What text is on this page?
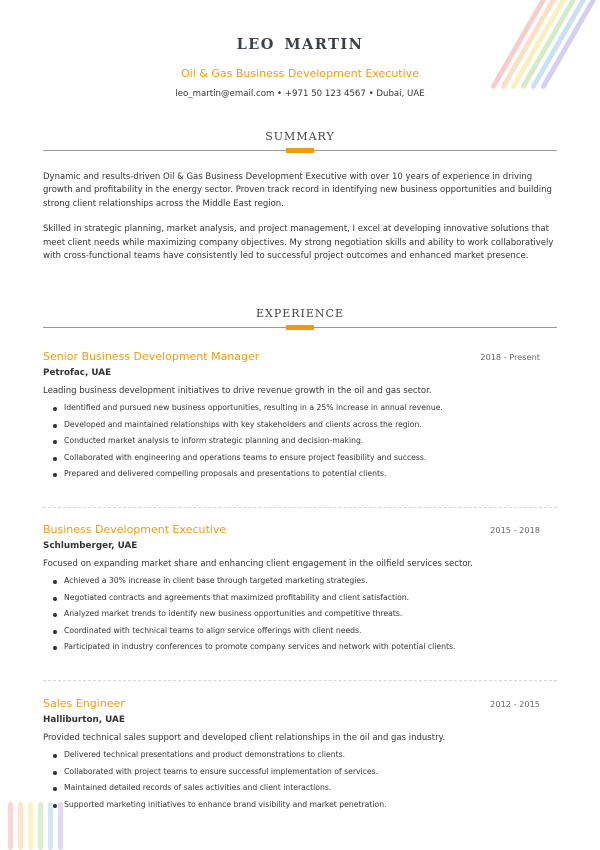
LEO MARTIN
Oil & Gas Business Development Executive
leo_martin@email.com • +971 50 123 4567 • Dubai, UAE
SUMMARY

Dynamic and results-driven Oil & Gas Business Development Executive with over 10 years of experience in driving growth and profitability in the energy sector. Proven track record in identifying new business opportunities and building strong client relationships across the Middle East region.

Skilled in strategic planning, market analysis, and project management, I excel at developing innovative solutions that meet client needs while maximizing company objectives. My strong negotiation skills and ability to work collaboratively with cross-functional teams have consistently led to successful project outcomes and enhanced market presence.

EXPERIENCE
Senior Business Development Manager	2018 - Present
Petrofac, UAE
Leading business development initiatives to drive revenue growth in the oil and gas sector.
Identified and pursued new business opportunities, resulting in a 25% increase in annual revenue.
Developed and maintained relationships with key stakeholders and clients across the region.
Conducted market analysis to inform strategic planning and decision-making.
Collaborated with engineering and operations teams to ensure project feasibility and success.
Prepared and delivered compelling proposals and presentations to potential clients.
Business Development Executive	2015 - 2018
Schlumberger, UAE
Focused on expanding market share and enhancing client engagement in the oilfield services sector.
Achieved a 30% increase in client base through targeted marketing strategies.
Negotiated contracts and agreements that maximized profitability and client satisfaction.
Analyzed market trends to identify new business opportunities and competitive threats.
Coordinated with technical teams to align service offerings with client needs.
Participated in industry conferences to promote company services and network with potential clients.
Sales Engineer	2012 - 2015
Halliburton, UAE
Provided technical sales support and developed client relationships in the oil and gas industry.
Delivered technical presentations and product demonstrations to clients.
Collaborated with project teams to ensure successful implementation of services.
Maintained detailed records of sales activities and client interactions.
Supported marketing initiatives to enhance brand visibility and market penetration.
